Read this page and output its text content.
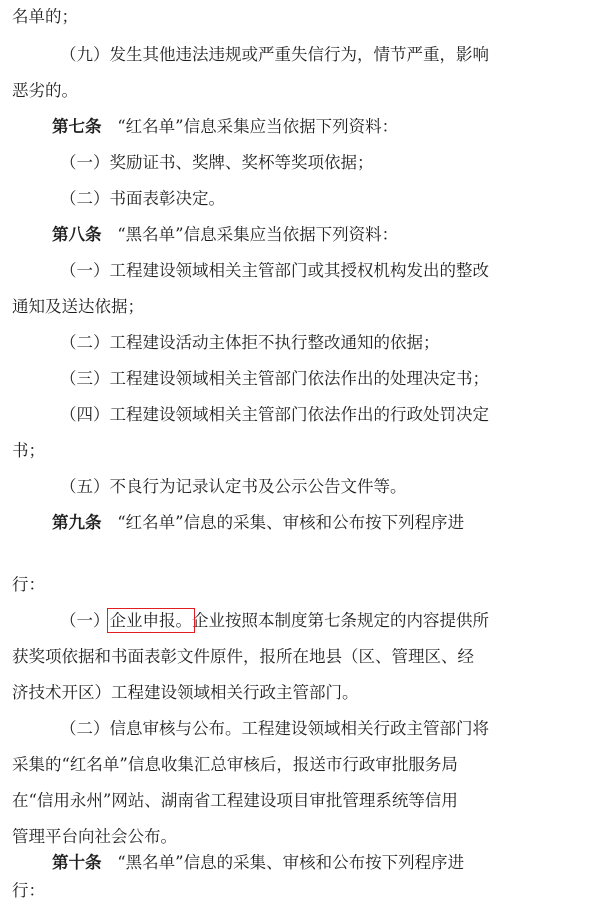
名单的；
（九）发生其他违法违规或严重失信行为，情节严重，影响
恶劣的。
第七条 “红名单”信息采集应当依据下列资料：
（一）奖励证书、奖牌、奖杯等奖项依据；
（二）书面表彰决定。
第八条 “黑名单”信息采集应当依据下列资料：
（一）工程建设领域相关主管部门或其授权机构发出的整改
通知及送达依据；
（二）工程建设活动主体拒不执行整改通知的依据；
（三）工程建设领域相关主管部门依法作出的处理决定书；
（四）工程建设领域相关主管部门依法作出的行政处罚决定
书；
（五）不良行为记录认定书及公示公告文件等。
第九条 “红名单”信息的采集、审核和公布按下列程序进
行：
（一）企业申报。企业按照本制度第七条规定的内容提供所
获奖项依据和书面表彰文件原件，报所在地县（区、管理区、经
济技术开区）工程建设领域相关行政主管部门。
（二）信息审核与公布。工程建设领域相关行政主管部门将
采集的“红名单”信息收集汇总审核后，报送市行政审批服务局
在“信用永州”网站、湖南省工程建设项目审批管理系统等信用
管理平台向社会公布。
第十条 “黑名单”信息的采集、审核和公布按下列程序进
行：
